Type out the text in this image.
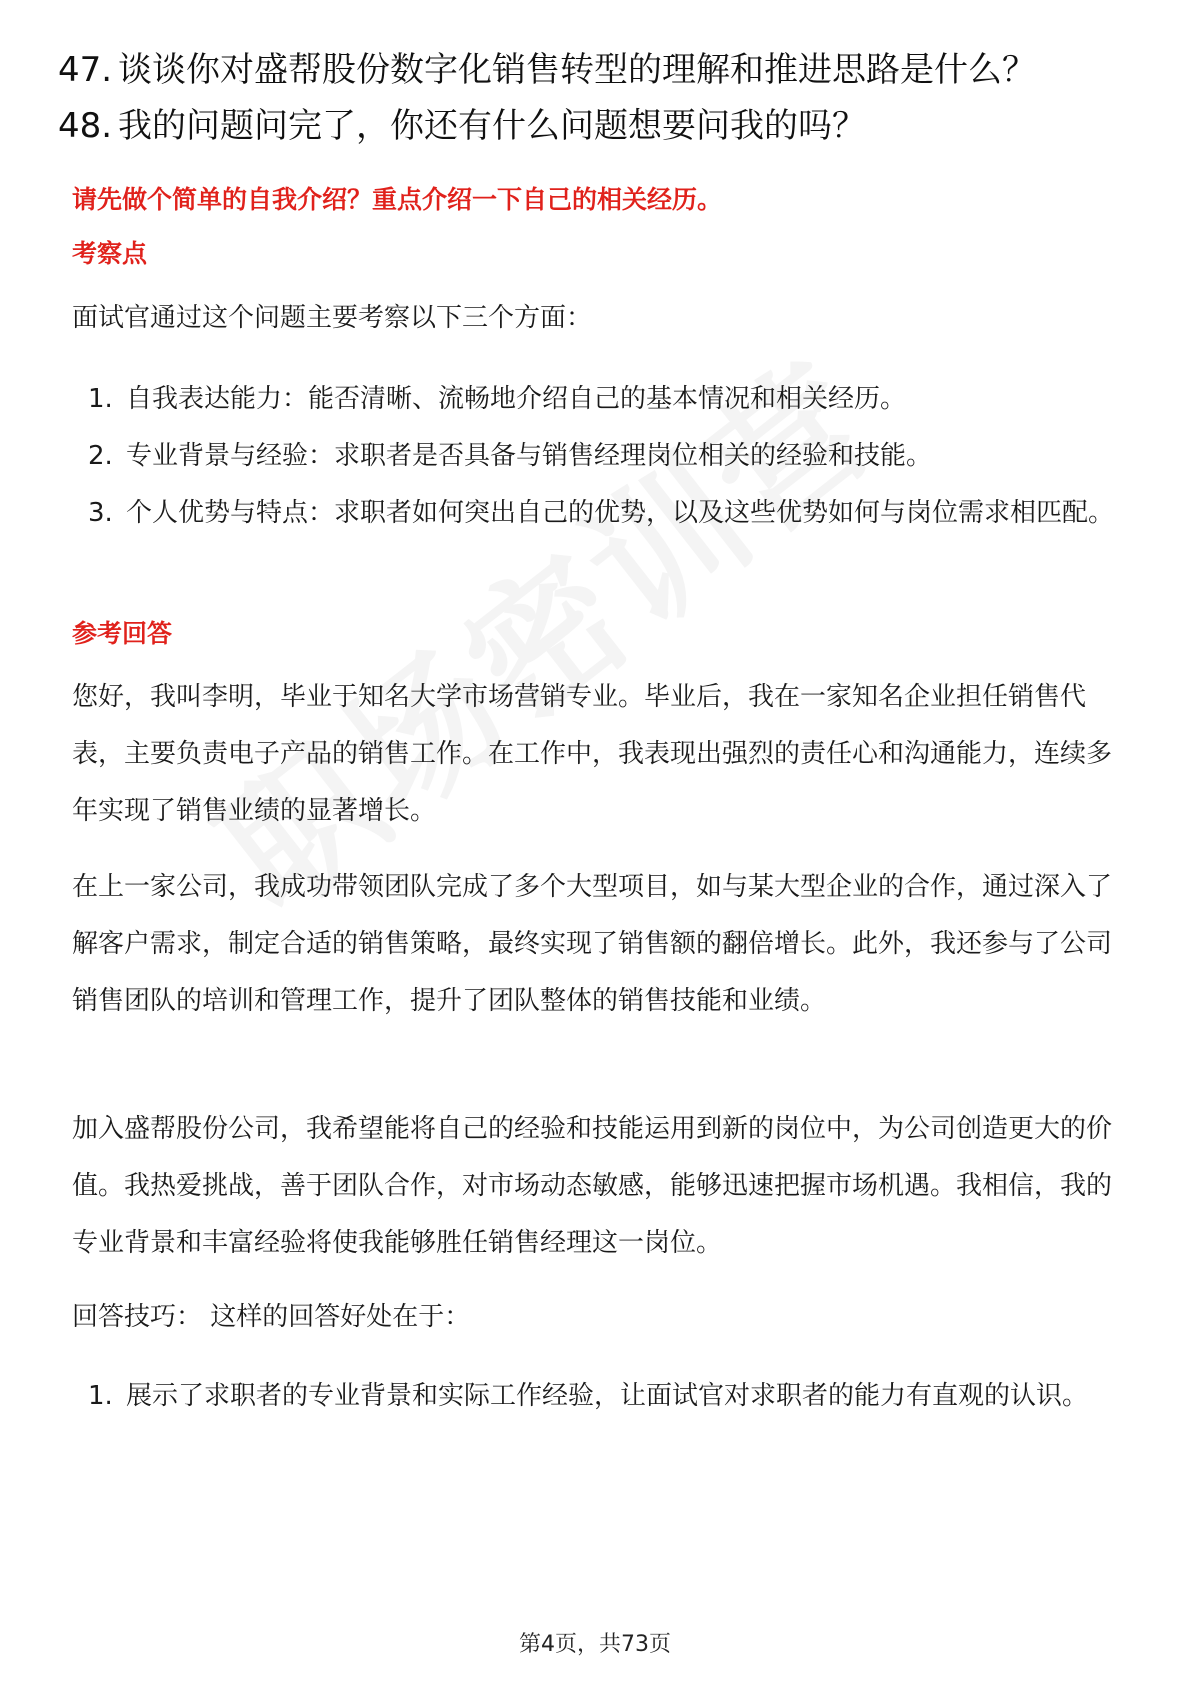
47. 谈谈你对盛帮股份数字化销售转型的理解和推进思路是什么？
48. 我的问题问完了，你还有什么问题想要问我的吗？
请先做个简单的自我介绍？重点介绍一下自己的相关经历。
考察点
面试官通过这个问题主要考察以下三个方面：
1. 自我表达能力：能否清晰、流畅地介绍自己的基本情况和相关经历。
2. 专业背景与经验：求职者是否具备与销售经理岗位相关的经验和技能。
3. 个人优势与特点：求职者如何突出自己的优势，以及这些优势如何与岗位需求相匹配。
参考回答
您好，我叫李明，毕业于知名大学市场营销专业。毕业后，我在一家知名企业担任销售代表，主要负责电子产品的销售工作。在工作中，我表现出强烈的责任心和沟通能力，连续多年实现了销售业绩的显著增长。
在上一家公司，我成功带领团队完成了多个大型项目，如与某大型企业的合作，通过深入了解客户需求，制定合适的销售策略，最终实现了销售额的翻倍增长。此外，我还参与了公司销售团队的培训和管理工作，提升了团队整体的销售技能和业绩。
加入盛帮股份公司，我希望能将自己的经验和技能运用到新的岗位中，为公司创造更大的价值。我热爱挑战，善于团队合作，对市场动态敏感，能够迅速把握市场机遇。我相信，我的专业背景和丰富经验将使我能够胜任销售经理这一岗位。
回答技巧： 这样的回答好处在于：
1. 展示了求职者的专业背景和实际工作经验，让面试官对求职者的能力有直观的认识。
第4页，共73页
